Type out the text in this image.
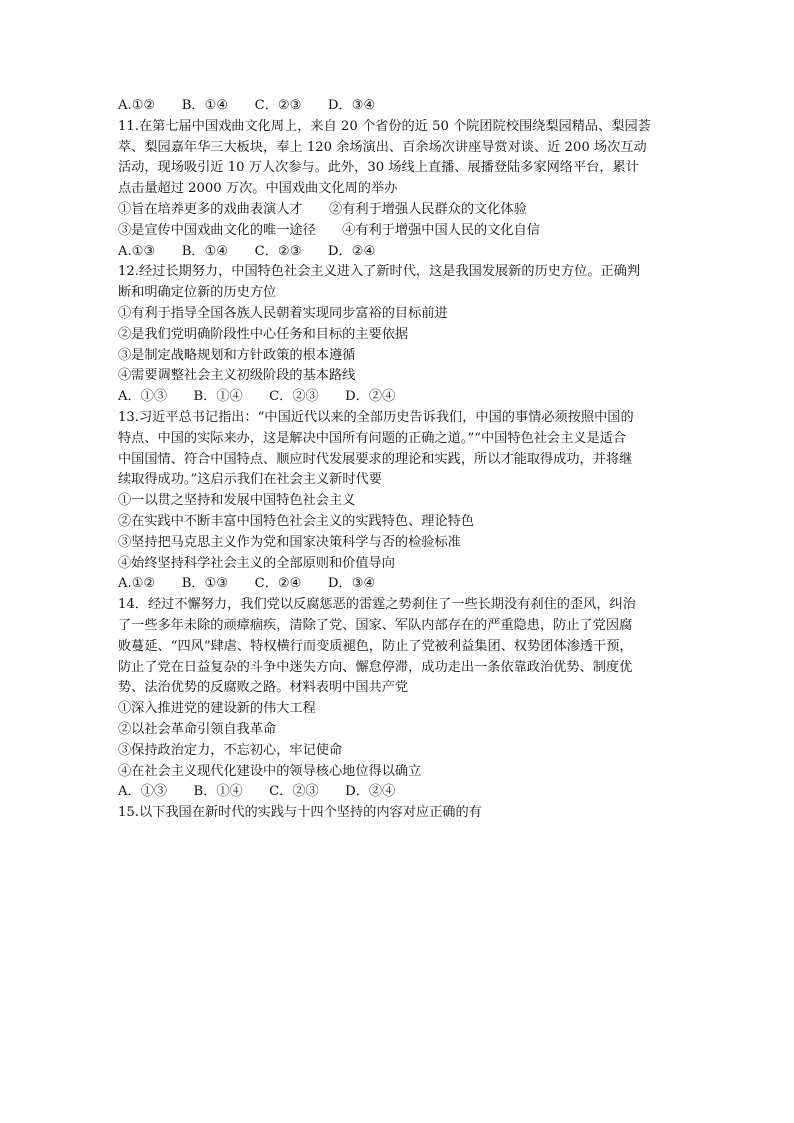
A.①②　　B．①④　　C．②③　　D．③④
11.在第七届中国戏曲文化周上，来自 20 个省份的近 50 个院团院校围绕梨园精品、梨园荟
萃、梨园嘉年华三大板块，奉上 120 余场演出、百余场次讲座导赏对谈、近 200 场次互动
活动，现场吸引近 10 万人次参与。此外，30 场线上直播、展播登陆多家网络平台，累计
点击量超过 2000 万次。中国戏曲文化周的举办
①旨在培养更多的戏曲表演人才　　②有利于增强人民群众的文化体验
③是宣传中国戏曲文化的唯一途径　　④有利于增强中国人民的文化自信
A.①③　　B．①④　　C．②③　　D．②④
12.经过长期努力，中国特色社会主义进入了新时代，这是我国发展新的历史方位。正确判
断和明确定位新的历史方位
①有利于指导全国各族人民朝着实现同步富裕的目标前进
②是我们党明确阶段性中心任务和目标的主要依据
③是制定战略规划和方针政策的根本遵循
④需要调整社会主义初级阶段的基本路线
A．①③　　B．①④　　C．②③　　D．②④
13.习近平总书记指出：“中国近代以来的全部历史告诉我们，中国的事情必须按照中国的
特点、中国的实际来办，这是解决中国所有问题的正确之道。”“中国特色社会主义是适合
中国国情、符合中国特点、顺应时代发展要求的理论和实践，所以才能取得成功，并将继
续取得成功。”这启示我们在社会主义新时代要
①一以贯之坚持和发展中国特色社会主义
②在实践中不断丰富中国特色社会主义的实践特色、理论特色
③坚持把马克思主义作为党和国家决策科学与否的检验标准
④始终坚持科学社会主义的全部原则和价值导向
A.①②　　B．①③　　C．②④　　D．③④
14．经过不懈努力，我们党以反腐惩恶的雷霆之势刹住了一些长期没有刹住的歪风，纠治
了一些多年未除的顽瘴痼疾，清除了党、国家、军队内部存在的严重隐患，防止了党因腐
败蔓延、“四风”肆虐、特权横行而变质褪色，防止了党被利益集团、权势团体渗透干预，
防止了党在日益复杂的斗争中迷失方向、懈怠停滞，成功走出一条依靠政治优势、制度优
势、法治优势的反腐败之路。材料表明中国共产党
①深入推进党的建设新的伟大工程
②以社会革命引领自我革命
③保持政治定力，不忘初心，牢记使命
④在社会主义现代化建设中的领导核心地位得以确立
A．①③　　B．①④　　C．②③　　D．②④
15.以下我国在新时代的实践与十四个坚持的内容对应正确的有
